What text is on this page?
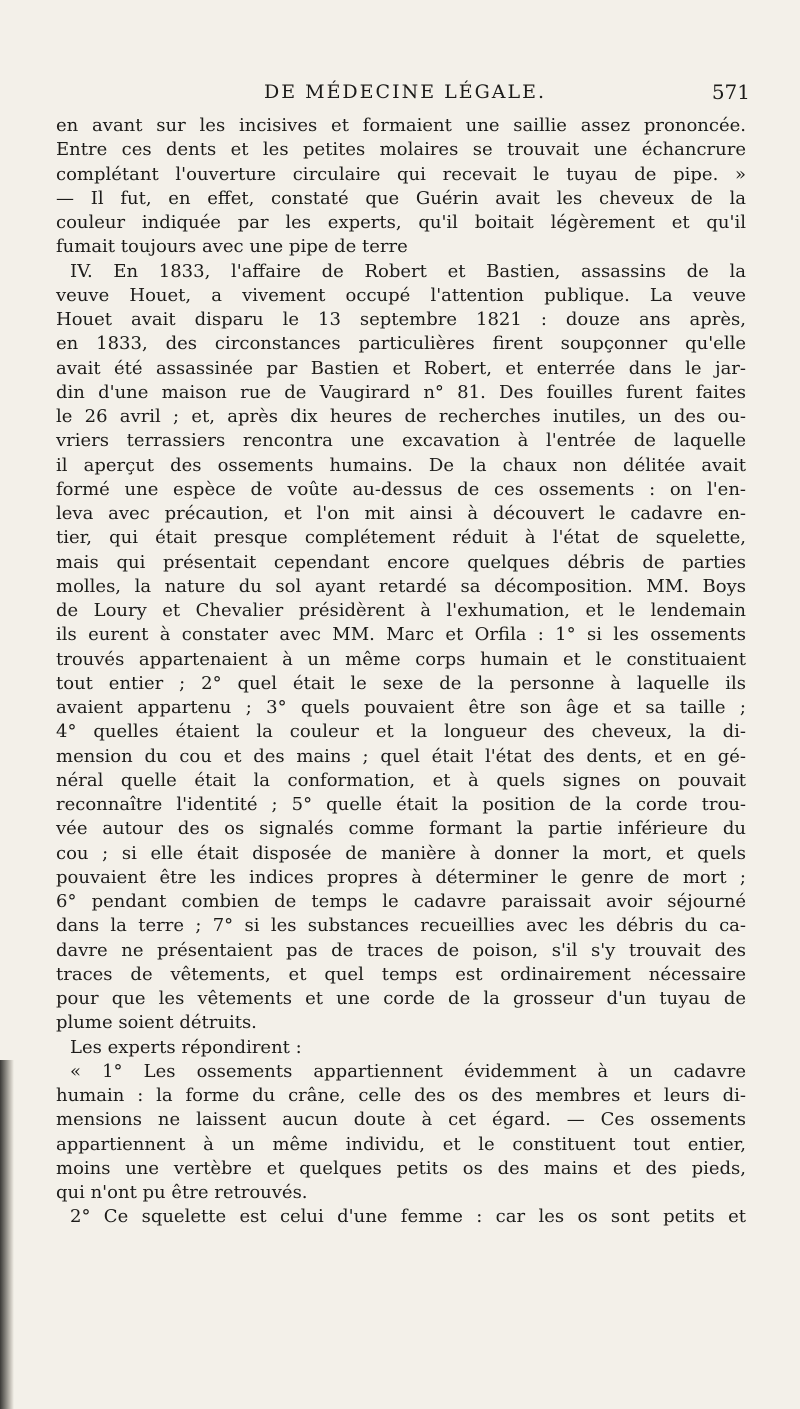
DE MÉDECINE LÉGALE.	571
en avant sur les incisives et formaient une saillie assez prononcée.
Entre ces dents et les petites molaires se trouvait une échancrure
complétant l'ouverture circulaire qui recevait le tuyau de pipe. »
— Il fut, en effet, constaté que Guérin avait les cheveux de la
couleur indiquée par les experts, qu'il boitait légèrement et qu'il
fumait toujours avec une pipe de terre
IV. En 1833, l'affaire de Robert et Bastien, assassins de la
veuve Houet, a vivement occupé l'attention publique. La veuve
Houet avait disparu le 13 septembre 1821 : douze ans après,
en 1833, des circonstances particulières firent soupçonner qu'elle
avait été assassinée par Bastien et Robert, et enterrée dans le jar-
din d'une maison rue de Vaugirard n° 81. Des fouilles furent faites
le 26 avril ; et, après dix heures de recherches inutiles, un des ou-
vriers terrassiers rencontra une excavation à l'entrée de laquelle
il aperçut des ossements humains. De la chaux non délitée avait
formé une espèce de voûte au-dessus de ces ossements : on l'en-
leva avec précaution, et l'on mit ainsi à découvert le cadavre en-
tier, qui était presque complétement réduit à l'état de squelette,
mais qui présentait cependant encore quelques débris de parties
molles, la nature du sol ayant retardé sa décomposition. MM. Boys
de Loury et Chevalier présidèrent à l'exhumation, et le lendemain
ils eurent à constater avec MM. Marc et Orfila : 1° si les ossements
trouvés appartenaient à un même corps humain et le constituaient
tout entier ; 2° quel était le sexe de la personne à laquelle ils
avaient appartenu ; 3° quels pouvaient être son âge et sa taille ;
4° quelles étaient la couleur et la longueur des cheveux, la di-
mension du cou et des mains ; quel était l'état des dents, et en gé-
néral quelle était la conformation, et à quels signes on pouvait
reconnaître l'identité ; 5° quelle était la position de la corde trou-
vée autour des os signalés comme formant la partie inférieure du
cou ; si elle était disposée de manière à donner la mort, et quels
pouvaient être les indices propres à déterminer le genre de mort ;
6° pendant combien de temps le cadavre paraissait avoir séjourné
dans la terre ; 7° si les substances recueillies avec les débris du ca-
davre ne présentaient pas de traces de poison, s'il s'y trouvait des
traces de vêtements, et quel temps est ordinairement nécessaire
pour que les vêtements et une corde de la grosseur d'un tuyau de
plume soient détruits.
Les experts répondirent :
« 1° Les ossements appartiennent évidemment à un cadavre
humain : la forme du crâne, celle des os des membres et leurs di-
mensions ne laissent aucun doute à cet égard. — Ces ossements
appartiennent à un même individu, et le constituent tout entier,
moins une vertèbre et quelques petits os des mains et des pieds,
qui n'ont pu être retrouvés.
2° Ce squelette est celui d'une femme : car les os sont petits et
